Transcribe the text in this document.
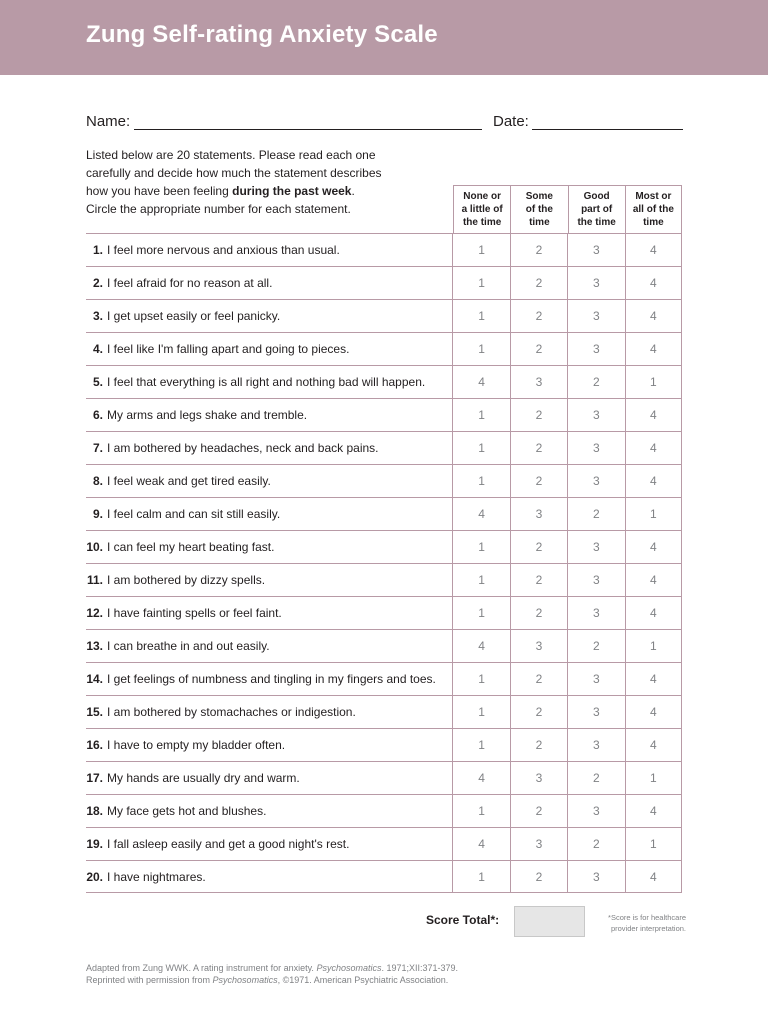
Zung Self-rating Anxiety Scale
Name:	Date:
Listed below are 20 statements. Please read each one
carefully and decide how much the statement describes
how you have been feeling during the past week.
Circle the appropriate number for each statement.
None or
a little of
the time
Some
of the
time
Good
part of
the time
Most or
all of the
time
1. I feel more nervous and anxious than usual.	1	2	3	4
2. I feel afraid for no reason at all.	1	2	3	4
3. I get upset easily or feel panicky.	1	2	3	4
4. I feel like I'm falling apart and going to pieces.	1	2	3	4
5. I feel that everything is all right and nothing bad will happen.	4	3	2	1
6. My arms and legs shake and tremble.	1	2	3	4
7. I am bothered by headaches, neck and back pains.	1	2	3	4
8. I feel weak and get tired easily.	1	2	3	4
9. I feel calm and can sit still easily.	4	3	2	1
10. I can feel my heart beating fast.	1	2	3	4
11. I am bothered by dizzy spells.	1	2	3	4
12. I have fainting spells or feel faint.	1	2	3	4
13. I can breathe in and out easily.	4	3	2	1
14. I get feelings of numbness and tingling in my fingers and toes.	1	2	3	4
15. I am bothered by stomachaches or indigestion.	1	2	3	4
16. I have to empty my bladder often.	1	2	3	4
17. My hands are usually dry and warm.	4	3	2	1
18. My face gets hot and blushes.	1	2	3	4
19. I fall asleep easily and get a good night's rest.	4	3	2	1
20. I have nightmares.	1	2	3	4
Score Total*:	*Score is for healthcare
provider interpretation.
Adapted from Zung WWK. A rating instrument for anxiety. Psychosomatics. 1971;XII:371-379.
Reprinted with permission from Psychosomatics, ©1971. American Psychiatric Association.
